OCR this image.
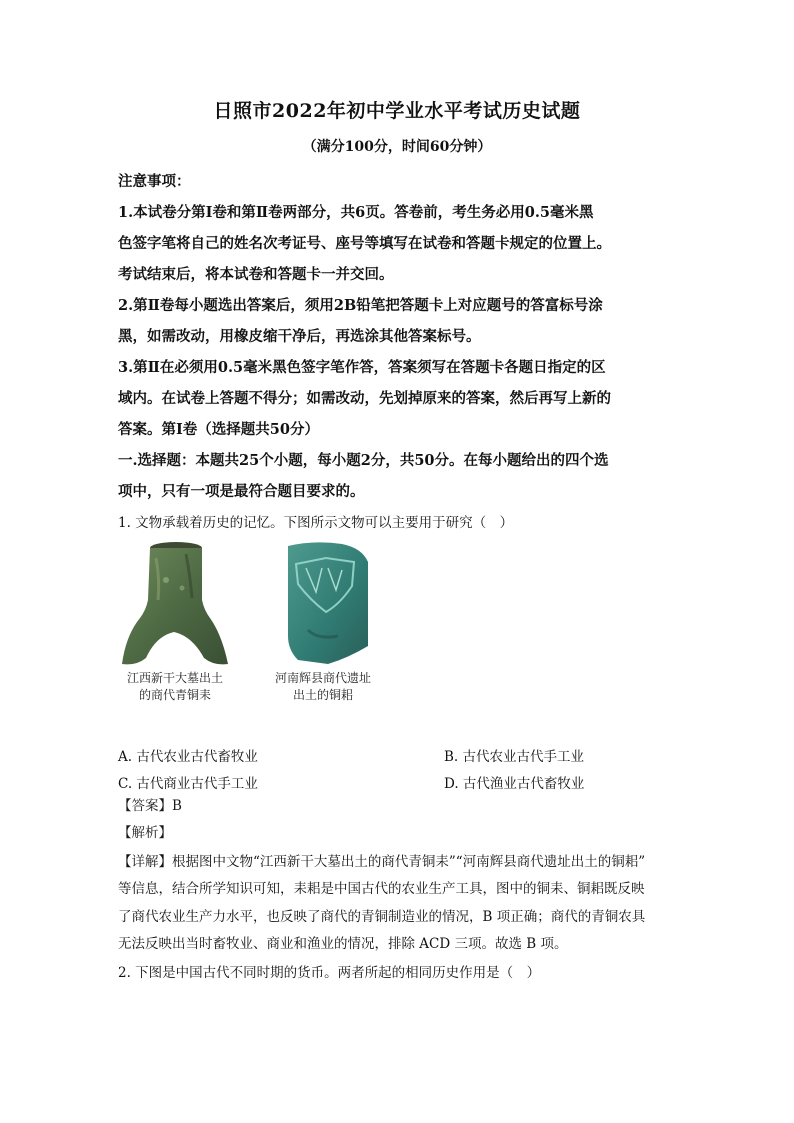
日照市2022年初中学业水平考试历史试题
（满分100分，时间60分钟）

注意事项：

1.本试卷分第Ⅰ卷和第Ⅱ卷两部分，共6页。答卷前，考生务必用0.5毫米黑

色签字笔将自己的姓名次考证号、座号等填写在试卷和答题卡规定的位置上。

考试结束后，将本试卷和答题卡一并交回。

2.第Ⅱ卷每小题选出答案后，须用2B铅笔把答题卡上对应题号的答富标号涂

黑，如需改动，用橡皮缩干净后，再选涂其他答案标号。

3.第Ⅱ在必须用0.5毫米黑色签字笔作答，答案须写在答题卡各题日指定的区

域内。在试卷上答题不得分；如需改动，先划掉原来的答案，然后再写上新的

答案。第Ⅰ卷（选择题共50分）

一.选择题：本题共25个小题，每小题2分，共50分。在每小题给出的四个选

项中，只有一项是最符合题目要求的。

1. 文物承载着历史的记忆。下图所示文物可以主要用于研究（　）
江西新干大墓出土
的商代青铜耒
河南辉县商代遗址
出土的铜耜
A. 古代农业古代畜牧业	B. 古代农业古代手工业
C. 古代商业古代手工业	D. 古代渔业古代畜牧业
【答案】B
【解析】

【详解】根据图中文物“江西新干大墓出土的商代青铜耒”“河南辉县商代遗址出土的铜耜”

等信息，结合所学知识可知，耒耜是中国古代的农业生产工具，图中的铜耒、铜耜既反映

了商代农业生产力水平，也反映了商代的青铜制造业的情况，B 项正确；商代的青铜农具

无法反映出当时畜牧业、商业和渔业的情况，排除 ACD 三项。故选 B 项。

2. 下图是中国古代不同时期的货币。两者所起的相同历史作用是（　）
